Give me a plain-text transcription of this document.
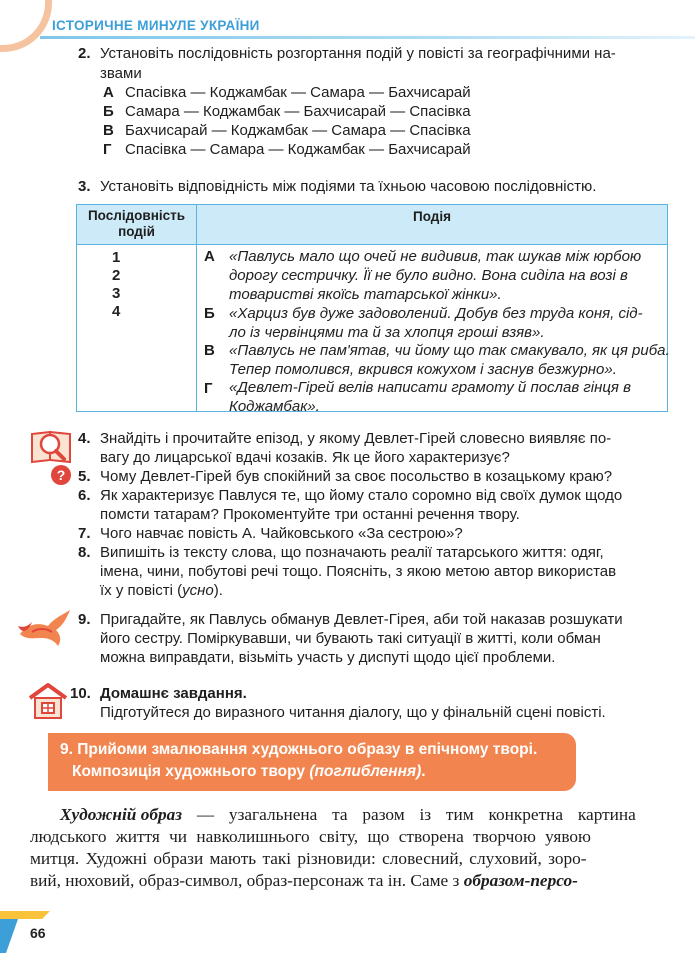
ІСТОРИЧНЕ МИНУЛЕ УКРАЇНИ
2. Установіть послідовність розгортання подій у повісті за географічними на-
звами
А Спасівка — Коджамбак — Самара — Бахчисарай
Б Самара — Коджамбак — Бахчисарай — Спасівка
В Бахчисарай — Коджамбак — Самара — Спасівка
Г Спасівка — Самара — Коджамбак — Бахчисарай
3. Установіть відповідність між подіями та їхньою часовою послідовністю.
Послідовність
подій
Подія
1
2
3
4
А «Павлусь мало що очей не видивив, так шукав між юрбою
дорогу сестричку. Її не було видно. Вона сиділа на возі в
товаристві якоїсь татарської жінки».
Б «Харциз був дуже задоволений. Добув без труда коня, сід-
ло із червінцями та й за хлопця гроші взяв».
В «Павлусь не пам'ятав, чи йому що так смакувало, як ця риба.
Тепер помолився, вкрився кожухом і заснув безжурно».
Г «Девлет-Гірей велів написати грамоту й послав гінця в
Коджамбак».
?
4. Знайдіть і прочитайте епізод, у якому Девлет-Гірей словесно виявляє по-
вагу до лицарської вдачі козаків. Як це його характеризує?
5. Чому Девлет-Гірей був спокійний за своє посольство в козацькому краю?
6. Як характеризує Павлуся те, що йому стало соромно від своїх думок щодо
помсти татарам? Прокоментуйте три останні речення твору.
7. Чого навчає повість А. Чайковського «За сестрою»?
8. Випишіть із тексту слова, що позначають реалії татарського життя: одяг,
імена, чини, побутові речі тощо. Поясніть, з якою метою автор використав
їх у повісті (усно).
9. Пригадайте, як Павлусь обманув Девлет-Гірея, аби той наказав розшукати
його сестру. Поміркувавши, чи бувають такі ситуації в житті, коли обман
можна виправдати, візьміть участь у диспуті щодо цієї проблеми.
10. Домашнє завдання.
Підготуйтеся до виразного читання діалогу, що у фінальній сцені повісті.
9. Прийоми змалювання художнього образу в епічному творі.
Композиція художнього твору (поглиблення).
Художній образ — узагальнена та разом із тим конкретна картина
людського життя чи навколишнього світу, що створена творчою уявою
митця. Художні образи мають такі різновиди: словесний, слуховий, зоро-
вий, нюховий, образ-символ, образ-персонаж та ін. Саме з образом-персо-
66
